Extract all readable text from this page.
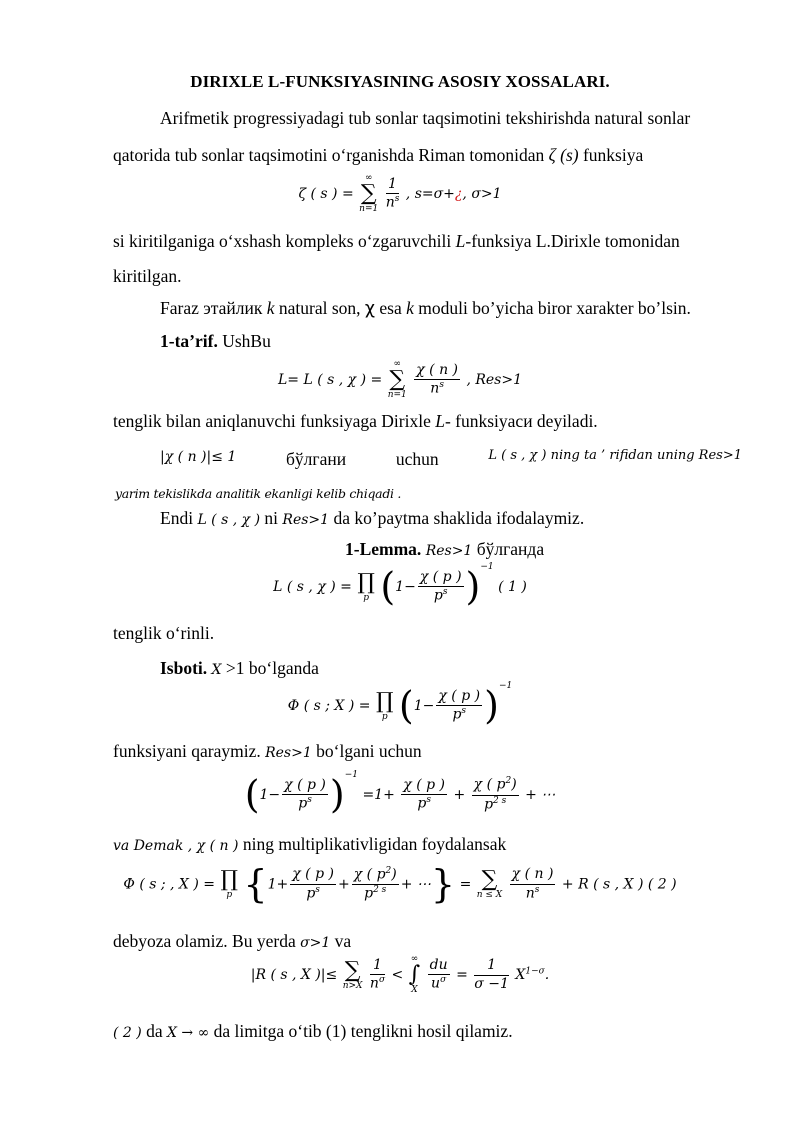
DIRIXLE L-FUNKSIYASINING ASOSIY XOSSALARI.
Arifmetik progressiyadagi tub sonlar taqsimotini tekshirishda natural sonlar
qatorida tub sonlar taqsimotini o‘rganishda Riman tomonidan ζ (s) funksiya
ζ ( s ) =
∞
∑
n=1
$\frac{1}{n^s}$ , s=σ+¿, σ>1
si kiritilganiga o‘xshash kompleks o‘zgaruvchili L-funksiya L.Dirixle tomonidan
kiritilgan.
Faraz этайлик k natural son, χ esa k moduli bo’yicha biror xarakter bo’lsin.
1-ta’rif. UshBu
L= L ( s , χ ) =
∞
∑
n=1
$\frac{\chi ( n )}{n^s}$ , Res>1
tenglik bilan aniqlanuvchi funksiyaga Dirixle L- funksiyaси deyiladi.
|χ ( n )|≤ 1	бўлгани	uchun	L ( s , χ ) ning ta ’ rifidan uning Res>1
yarim tekislikda analitik ekanligi kelib chiqadi .
Endi L ( s , χ ) ni Res>1 da ko’paytma shaklida ifodalaymiz.
1-Lemma. Res>1 бўлганда
L ( s , χ ) = ∏
p $(1- \frac{\chi ( p )}{p^s} )^{-1}$ ( 1 )
tenglik o‘rinli.
Isboti. X >1 bo‘lganda
Φ ( s ; X ) = ∏
p $(1- \frac{\chi ( p )}{p^s} )^{-1}$
funksiyani qaraymiz. Res>1 bo‘lgani uchun
$(1- \frac{\chi ( p )}{p^s} )^{-1} =1+ \frac{\chi ( p )}{p^s} + \frac{\chi ( p^2)}{p^{2 s}}$ + ⋯
va Demak , χ ( n ) ning multiplikativligidan foydalansak
Φ ( s ; , X ) = ∏
p {$1+ \frac{\chi ( p )}{p^s} + \frac{\chi ( p^2)}{p^{2 s}}$ + ⋯} = ∑
n ≤ X
$\frac{\chi ( n )}{n^s} + R$ ( s , X ) ( 2 )
debyoza olamiz. Bu yerda σ>1 va
|R ( s , X )|≤ ∑
n>X
$\frac{1}{n^\sigma}$ <
∞
∫
X
$\frac{du}{u^\sigma} = \frac{1}{\sigma -1} X^{1-\sigma}$.
( 2 ) da X → ∞ da limitga o‘tib (1) tenglikni hosil qilamiz.
